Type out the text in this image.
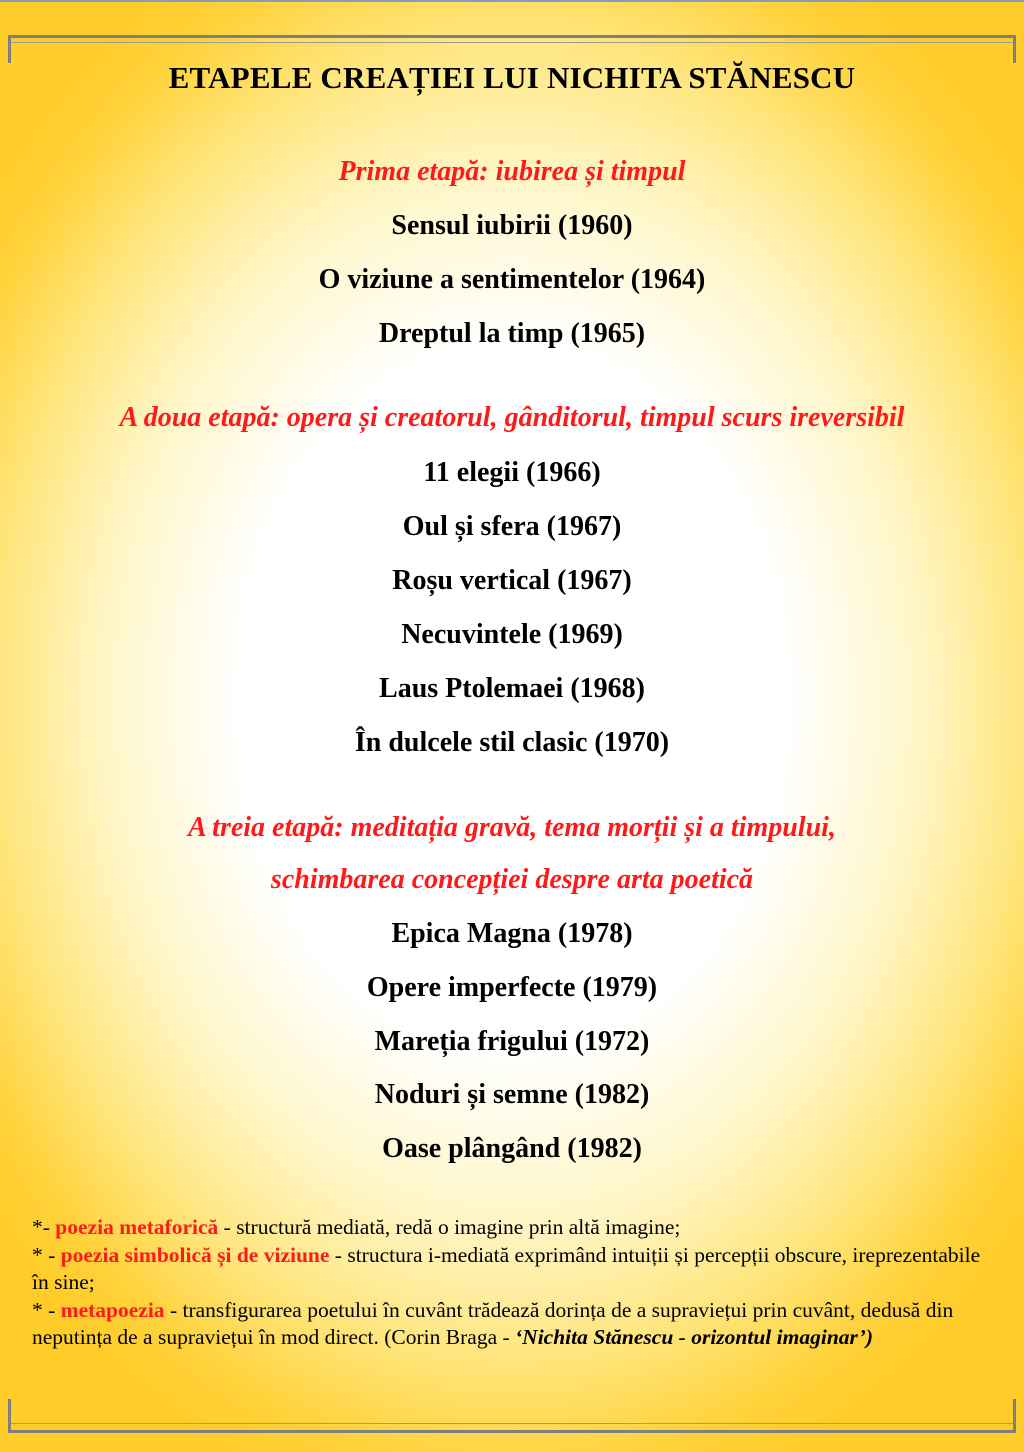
ETAPELE CREAȚIEI LUI NICHITA STĂNESCU
Prima etapă: iubirea și timpul
Sensul iubirii (1960)
O viziune a sentimentelor (1964)
Dreptul la timp (1965)
A doua etapă: opera și creatorul, gânditorul, timpul scurs ireversibil
11 elegii (1966)
Oul și sfera (1967)
Roșu vertical (1967)
Necuvintele (1969)
Laus Ptolemaei (1968)
În dulcele stil clasic (1970)
A treia etapă: meditația gravă, tema morții și a timpului,
schimbarea concepției despre arta poetică
Epica Magna (1978)
Opere imperfecte (1979)
Mareția frigului (1972)
Noduri și semne (1982)
Oase plângând (1982)

*- poezia metaforică - structură mediată, redă o imagine prin altă imagine;

* - poezia simbolică și de viziune - structura i-mediată exprimând intuiții și percepții obscure, ireprezentabile în sine;

* - metapoezia - transfigurarea poetului în cuvânt trădează dorința de a supraviețui prin cuvânt, dedusă din neputința de a supraviețui în mod direct. (Corin Braga - ‘Nichita Stănescu - orizontul imaginar’)
